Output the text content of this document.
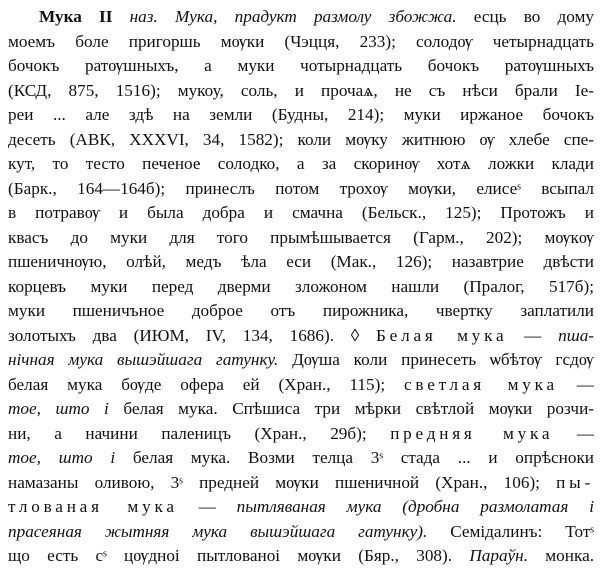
Мука II наз. Мука, прадукт размолу збожжа. есць во дому
моемъ боле пригоршь мѹки (Чэцця, 233); солодѹ четырнадцать
бочокъ ратѹшныхъ, а муки чотырнадцать бочокъ ратѹшныхъ
(КСД, 875, 1516); мукоу, соль, и прочаѧ, не съ нѣси брали Іе-
реи ... але здѣ на земли (Будны, 214); муки иржаное бочокъ
десеть (АВК, XXXVI, 34, 1582); коли мѹку житнюю ѹ хлебе спе-
кут, то тесто печеное солодко, а за скоринѹ хотѧ ложки клади
(Барк., 164—164б); принеслъ потом трохѹ мѹки, елисеˢ всыпал
в потравѹ и была добра и смачна (Бельск., 125); Протожъ и
квасъ до муки для того прымѣшывается (Гарм., 202); мѹкѹ
пшеничнѹю, олѣй, медъ ѣла еси (Мак., 126); назавтрие двѣсти
корцевъ муки перед дверми зложоном нашли (Пралог, 517б);
муки пшеничъное доброе отъ пирожника, чвертку заплатили
золотыхъ два (ИЮМ, IV, 134, 1686). ◊ Белая мука — пша-
нічная мука вышэйшага гатунку. Дѹша коли принесеть ѡбѣтѹ гсдѹ
белая мука бѹде офера ей (Хран., 115); светлая мука —
тое, што і белая мука. Спѣшиса три мѣрки свѣтлой мѹки розчи-
ни, а начини паленицъ (Хран., 29б); предняя мука —
тое, што і белая мука. Возми телца 3ˢ стада ... и опрѣсноки
намазаны оливою, 3ˢ предней мѹки пшеничной (Хран., 106); пы-
тлованая мука — пытляваная мука (дробна размолатая і
прасеяная жытняя мука вышэйшага гатунку). Семідалинъ: Тотˢ
що есть сˢ цѹдноі пытлованоі мѹки (Бяр., 308). Параўн. монка.
